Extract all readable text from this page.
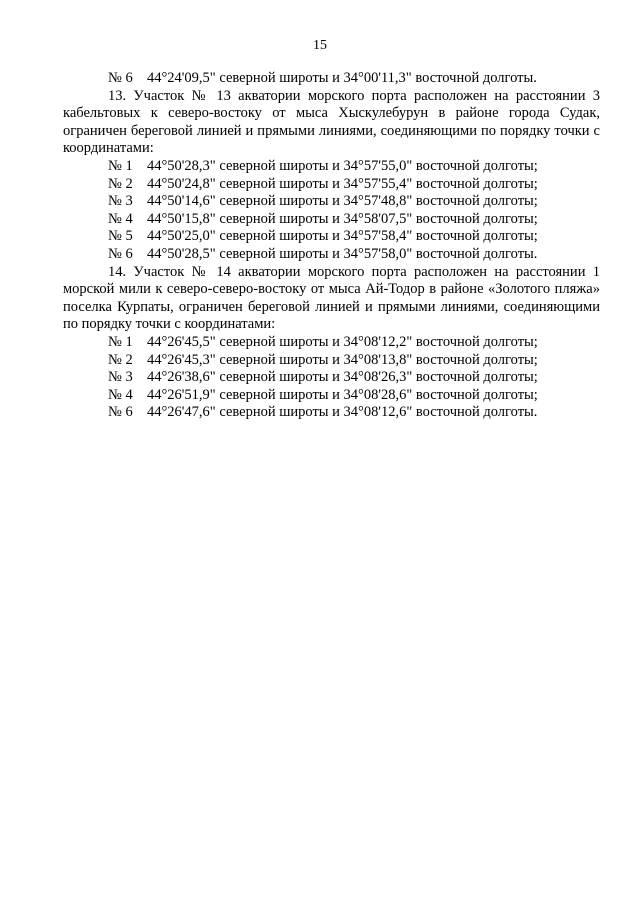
15
№ 6 44°24'09,5" северной широты и 34°00'11,3" восточной долготы.

13. Участок № 13 акватории морского порта расположен на расстоянии 3 кабельтовых к северо-востоку от мыса Хыскулебурун в районе города Судак, ограничен береговой линией и прямыми линиями, соединяющими по порядку точки с координатами:

№ 1 44°50'28,3" северной широты и 34°57'55,0" восточной долготы;
№ 2 44°50'24,8" северной широты и 34°57'55,4" восточной долготы;
№ 3 44°50'14,6" северной широты и 34°57'48,8" восточной долготы;
№ 4 44°50'15,8" северной широты и 34°58'07,5" восточной долготы;
№ 5 44°50'25,0" северной широты и 34°57'58,4" восточной долготы;
№ 6 44°50'28,5" северной широты и 34°57'58,0" восточной долготы.

14. Участок № 14 акватории морского порта расположен на расстоянии 1 морской мили к северо-северо-востоку от мыса Ай-Тодор в районе «Золотого пляжа» поселка Курпаты, ограничен береговой линией и прямыми линиями, соединяющими по порядку точки с координатами:

№ 1 44°26'45,5" северной широты и 34°08'12,2" восточной долготы;
№ 2 44°26'45,3" северной широты и 34°08'13,8" восточной долготы;
№ 3 44°26'38,6" северной широты и 34°08'26,3" восточной долготы;
№ 4 44°26'51,9" северной широты и 34°08'28,6" восточной долготы;
№ 6 44°26'47,6" северной широты и 34°08'12,6" восточной долготы.
